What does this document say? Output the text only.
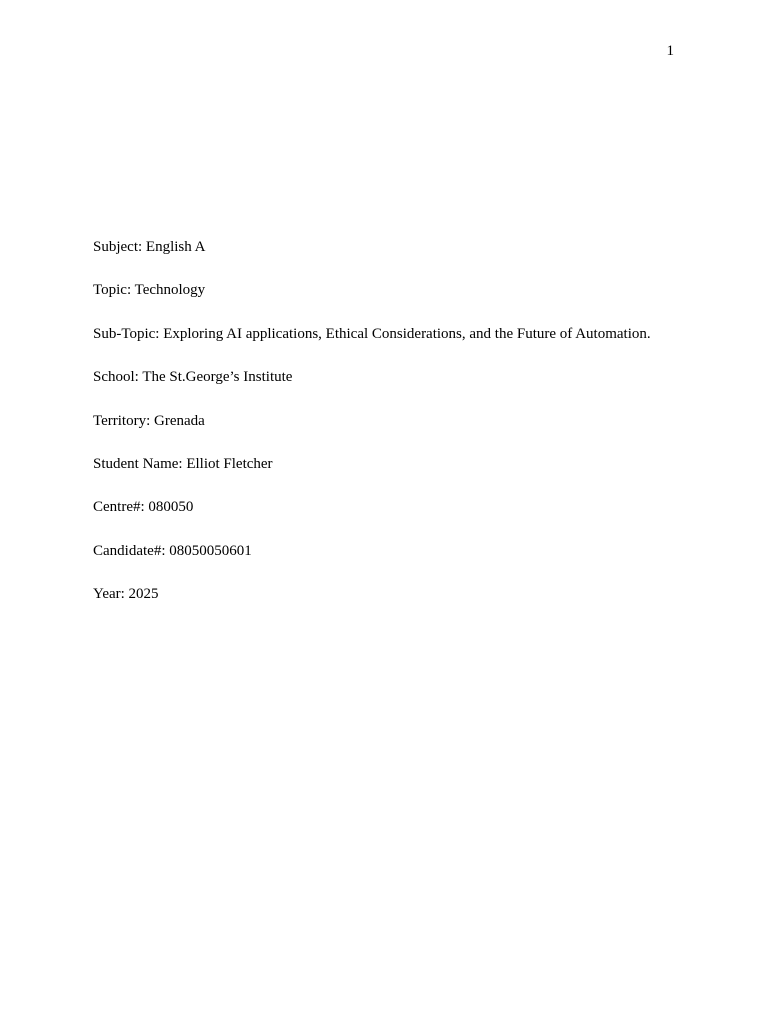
1
Subject: English A
Topic: Technology
Sub-Topic: Exploring AI applications, Ethical Considerations, and the Future of Automation.
School: The St.George’s Institute
Territory: Grenada
Student Name: Elliot Fletcher
Centre#: 080050
Candidate#: 08050050601
Year: 2025
